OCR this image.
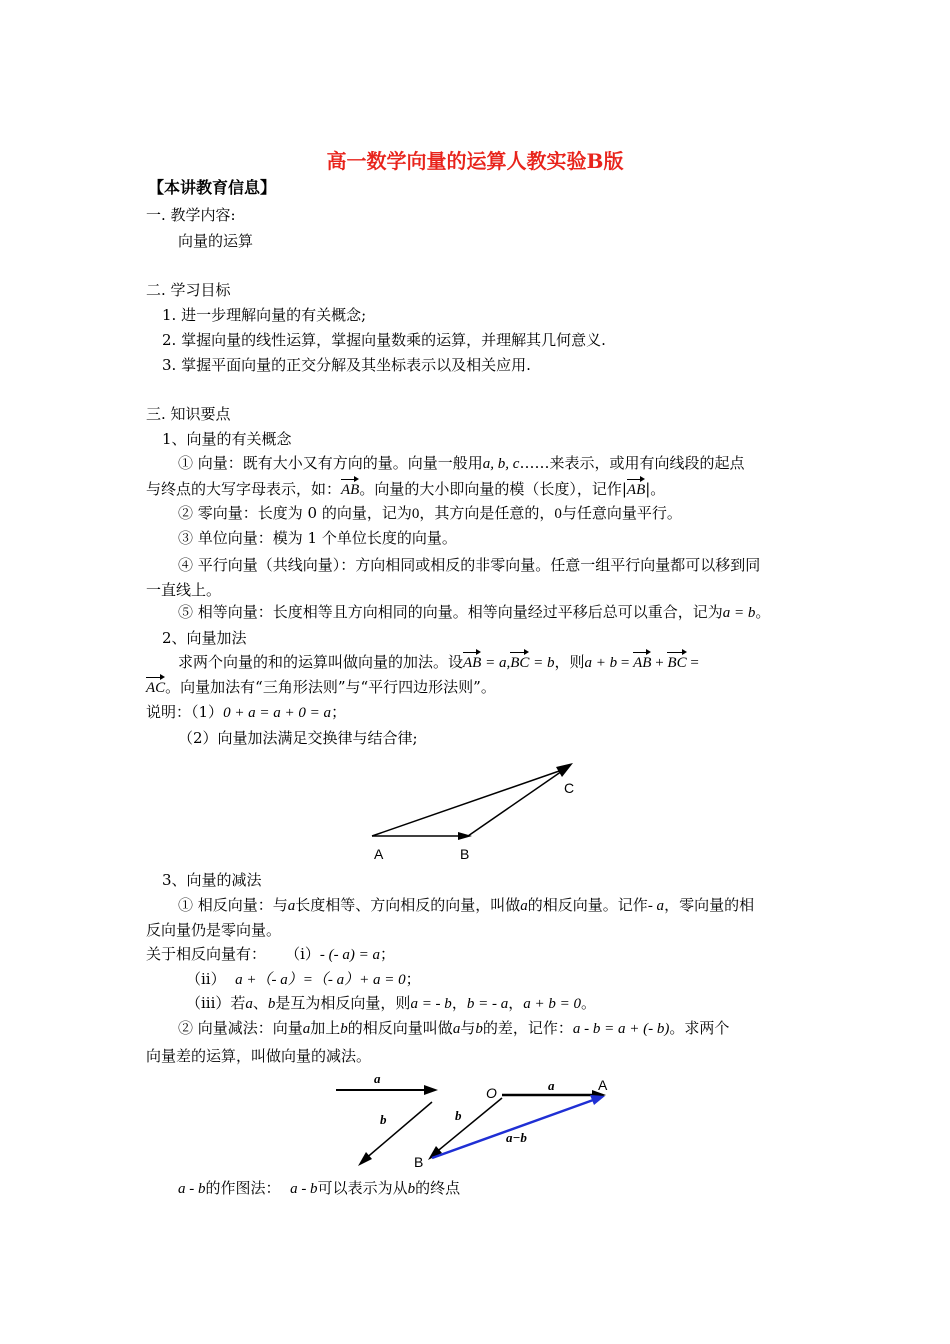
高一数学向量的运算人教实验B版
【本讲教育信息】
一. 教学内容:
向量的运算
二. 学习目标
1. 进一步理解向量的有关概念;
2. 掌握向量的线性运算，掌握向量数乘的运算，并理解其几何意义.
3. 掌握平面向量的正交分解及其坐标表示以及相关应用.
三. 知识要点
1、向量的有关概念
① 向量：既有大小又有方向的量。向量一般用a, b, c……来表示，或用有向线段的起点
与终点的大写字母表示，如：AB。向量的大小即向量的模（长度），记作|AB|。
② 零向量：长度为 0 的向量，记为0，其方向是任意的，0与任意向量平行。
③ 单位向量：模为 1 个单位长度的向量。
④ 平行向量（共线向量）：方向相同或相反的非零向量。任意一组平行向量都可以移到同
一直线上。
⑤ 相等向量：长度相等且方向相同的向量。相等向量经过平移后总可以重合，记为a = b。
2、向量加法
求两个向量的和的运算叫做向量的加法。设AB = a,BC = b，则a + b = AB + BC =
AC。向量加法有“三角形法则”与“平行四边形法则”。
说明：（1）0 + a = a + 0 = a；
（2）向量加法满足交换律与结合律;
A	B
C
3、向量的减法
① 相反向量：与a长度相等、方向相反的向量，叫做a的相反向量。记作- a，零向量的相
反向量仍是零向量。
关于相反向量有： （i）- (- a) = a；
（ii） a +（- a）=（- a）+ a = 0；
（iii）若a、b是互为相反向量，则a = - b，b = - a，a + b = 0。
② 向量减法：向量a加上b的相反向量叫做a与b的差，记作：a - b = a + (- b)。求两个
向量差的运算，叫做向量的减法。
a
b
O	a	A
b
B
a−b
a - b的作图法： a - b可以表示为从b的终点
